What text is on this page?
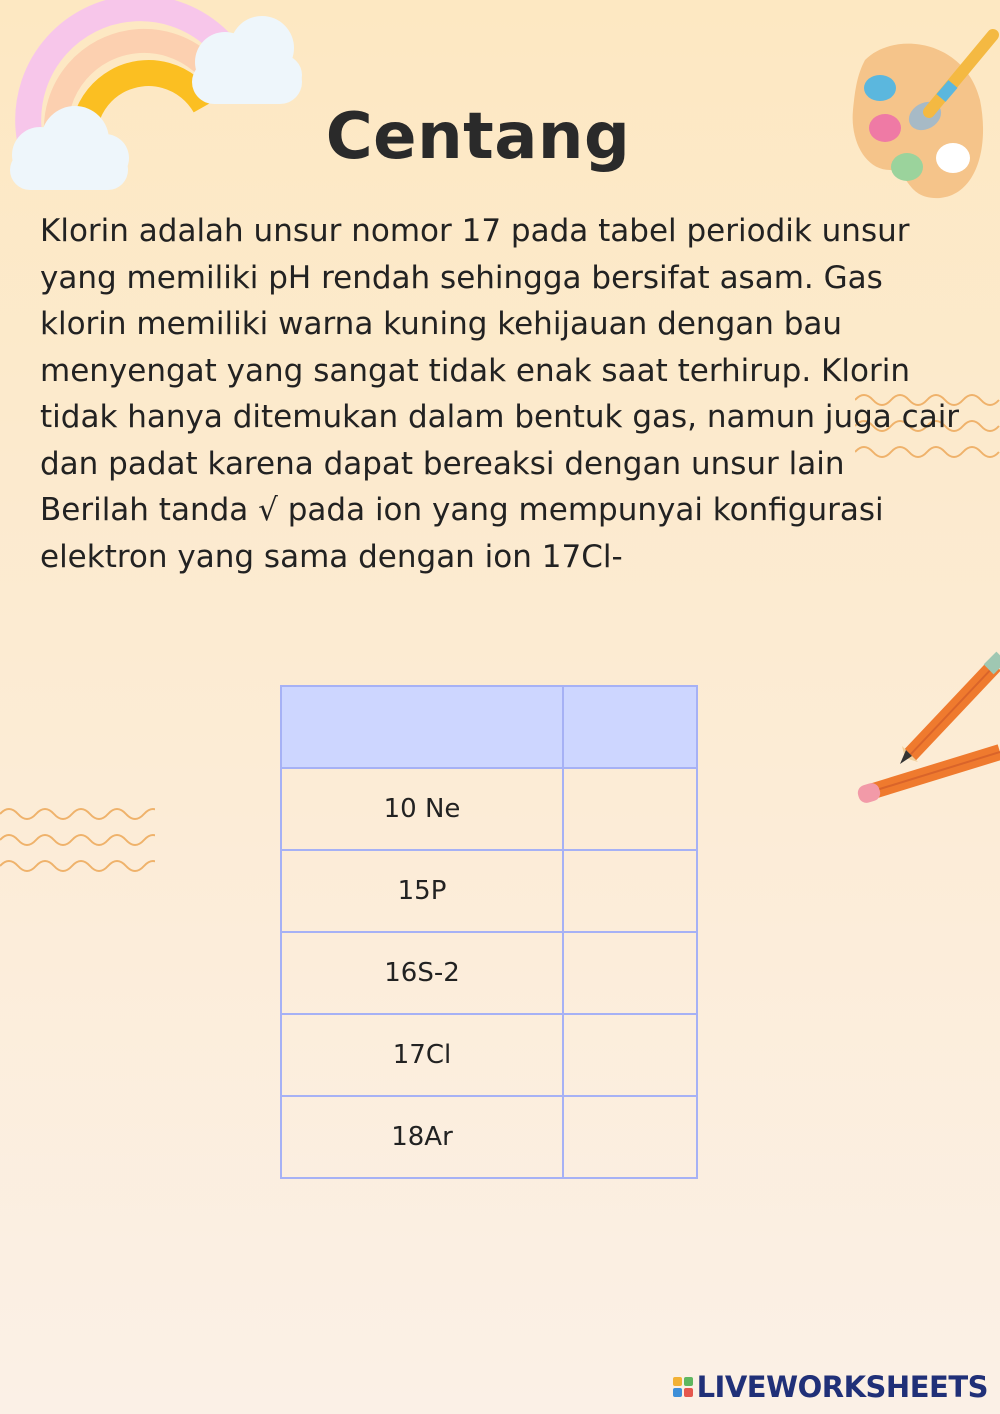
Centang

Klorin adalah unsur nomor 17 pada tabel periodik unsur yang memiliki pH rendah sehingga bersifat asam. Gas klorin memiliki warna kuning kehijauan dengan bau menyengat yang sangat tidak enak saat terhirup. Klorin tidak hanya ditemukan dalam bentuk gas, namun juga cair dan padat karena dapat bereaksi dengan unsur lain

Berilah tanda √ pada ion yang mempunyai konfigurasi elektron yang sama dengan ion 17Cl-

10 Ne	
15P	
16S-2	
17Cl	
18Ar	
LIVEWORKSHEETS
